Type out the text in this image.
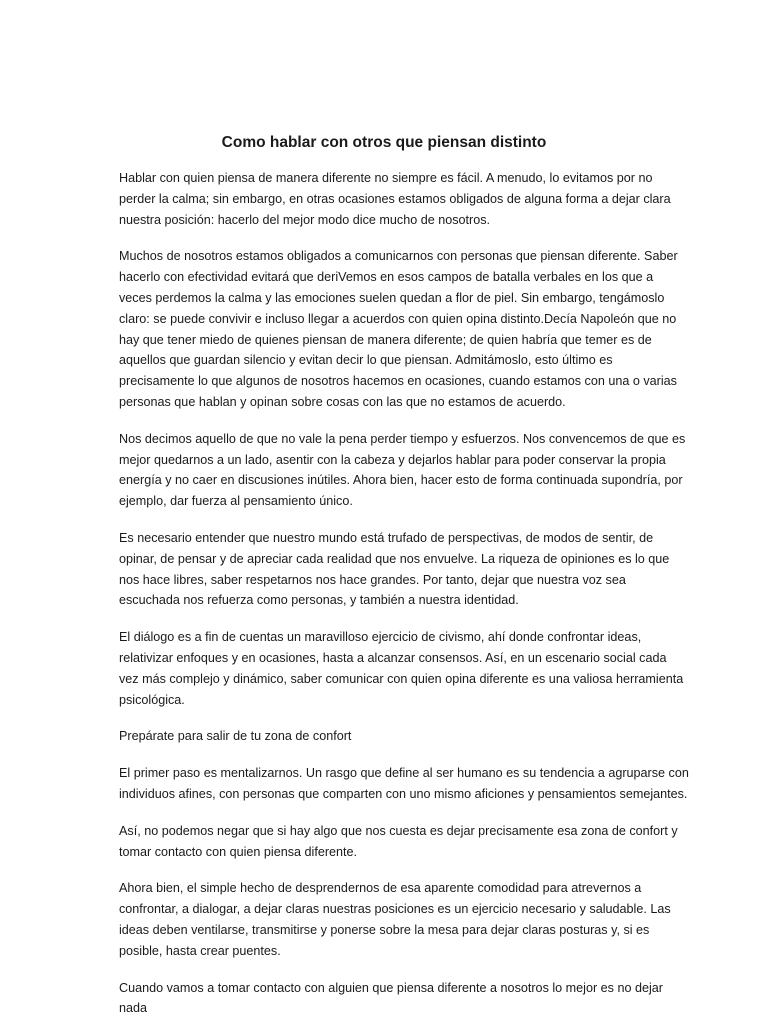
Como hablar con otros que piensan distinto

Hablar con quien piensa de manera diferente no siempre es fácil. A menudo, lo evitamos por no perder la calma; sin embargo, en otras ocasiones estamos obligados de alguna forma a dejar clara nuestra posición: hacerlo del mejor modo dice mucho de nosotros.

Muchos de nosotros estamos obligados a comunicarnos con personas que piensan diferente. Saber hacerlo con efectividad evitará que deriVemos en esos campos de batalla verbales en los que a veces perdemos la calma y las emociones suelen quedan a flor de piel. Sin embargo, tengámoslo claro: se puede convivir e incluso llegar a acuerdos con quien opina distinto.Decía Napoleón que no hay que tener miedo de quienes piensan de manera diferente; de quien habría que temer es de aquellos que guardan silencio y evitan decir lo que piensan. Admitámoslo, esto último es precisamente lo que algunos de nosotros hacemos en ocasiones, cuando estamos con una o varias personas que hablan y opinan sobre cosas con las que no estamos de acuerdo.

Nos decimos aquello de que no vale la pena perder tiempo y esfuerzos. Nos convencemos de que es mejor quedarnos a un lado, asentir con la cabeza y dejarlos hablar para poder conservar la propia energía y no caer en discusiones inútiles. Ahora bien, hacer esto de forma continuada supondría, por ejemplo, dar fuerza al pensamiento único.

Es necesario entender que nuestro mundo está trufado de perspectivas, de modos de sentir, de opinar, de pensar y de apreciar cada realidad que nos envuelve. La riqueza de opiniones es lo que nos hace libres, saber respetarnos nos hace grandes. Por tanto, dejar que nuestra voz sea escuchada nos refuerza como personas, y también a nuestra identidad.

El diálogo es a fin de cuentas un maravilloso ejercicio de civismo, ahí donde confrontar ideas, relativizar enfoques y en ocasiones, hasta a alcanzar consensos. Así, en un escenario social cada vez más complejo y dinámico, saber comunicar con quien opina diferente es una valiosa herramienta psicológica.

Prepárate para salir de tu zona de confort

El primer paso es mentalizarnos. Un rasgo que define al ser humano es su tendencia a agruparse con individuos afines, con personas que comparten con uno mismo aficiones y pensamientos semejantes.

Así, no podemos negar que si hay algo que nos cuesta es dejar precisamente esa zona de confort y tomar contacto con quien piensa diferente.

Ahora bien, el simple hecho de desprendernos de esa aparente comodidad para atrevernos a confrontar, a dialogar, a dejar claras nuestras posiciones es un ejercicio necesario y saludable. Las ideas deben ventilarse, transmitirse y ponerse sobre la mesa para dejar claras posturas y, si es posible, hasta crear puentes.

Cuando vamos a tomar contacto con alguien que piensa diferente a nosotros lo mejor es no dejar nada
